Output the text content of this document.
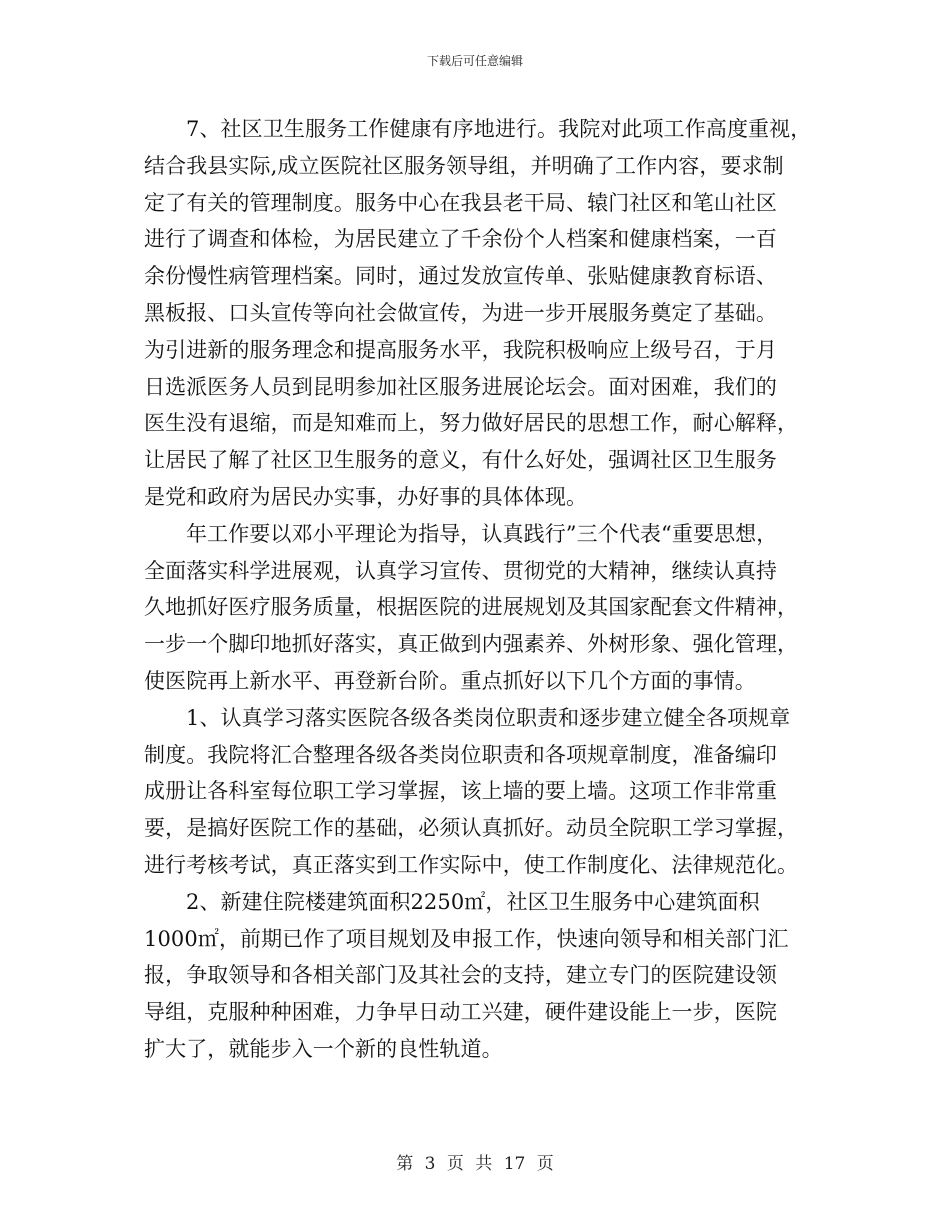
下载后可任意编辑
7、社区卫生服务工作健康有序地进行。我院对此项工作高度重视，
结合我县实际,成立医院社区服务领导组，并明确了工作内容，要求制
定了有关的管理制度。服务中心在我县老干局、辕门社区和笔山社区
进行了调查和体检，为居民建立了千余份个人档案和健康档案，一百
余份慢性病管理档案。同时，通过发放宣传单、张贴健康教育标语、
黑板报、口头宣传等向社会做宣传，为进一步开展服务奠定了基础。
为引进新的服务理念和提高服务水平，我院积极响应上级号召，于月
日选派医务人员到昆明参加社区服务进展论坛会。面对困难，我们的
医生没有退缩，而是知难而上，努力做好居民的思想工作，耐心解释，
让居民了解了社区卫生服务的意义，有什么好处，强调社区卫生服务
是党和政府为居民办实事，办好事的具体体现。
年工作要以邓小平理论为指导，认真践行”三个代表“重要思想，
全面落实科学进展观，认真学习宣传、贯彻党的大精神，继续认真持
久地抓好医疗服务质量，根据医院的进展规划及其国家配套文件精神，
一步一个脚印地抓好落实，真正做到内强素养、外树形象、强化管理，
使医院再上新水平、再登新台阶。重点抓好以下几个方面的事情。
1、认真学习落实医院各级各类岗位职责和逐步建立健全各项规章
制度。我院将汇合整理各级各类岗位职责和各项规章制度，准备编印
成册让各科室每位职工学习掌握，该上墙的要上墙。这项工作非常重
要，是搞好医院工作的基础，必须认真抓好。动员全院职工学习掌握，
进行考核考试，真正落实到工作实际中，使工作制度化、法律规范化。
2、新建住院楼建筑面积2250㎡，社区卫生服务中心建筑面积
1000㎡，前期已作了项目规划及申报工作，快速向领导和相关部门汇
报，争取领导和各相关部门及其社会的支持，建立专门的医院建设领
导组，克服种种困难，力争早日动工兴建，硬件建设能上一步，医院
扩大了，就能步入一个新的良性轨道。
第 3 页 共 17 页
